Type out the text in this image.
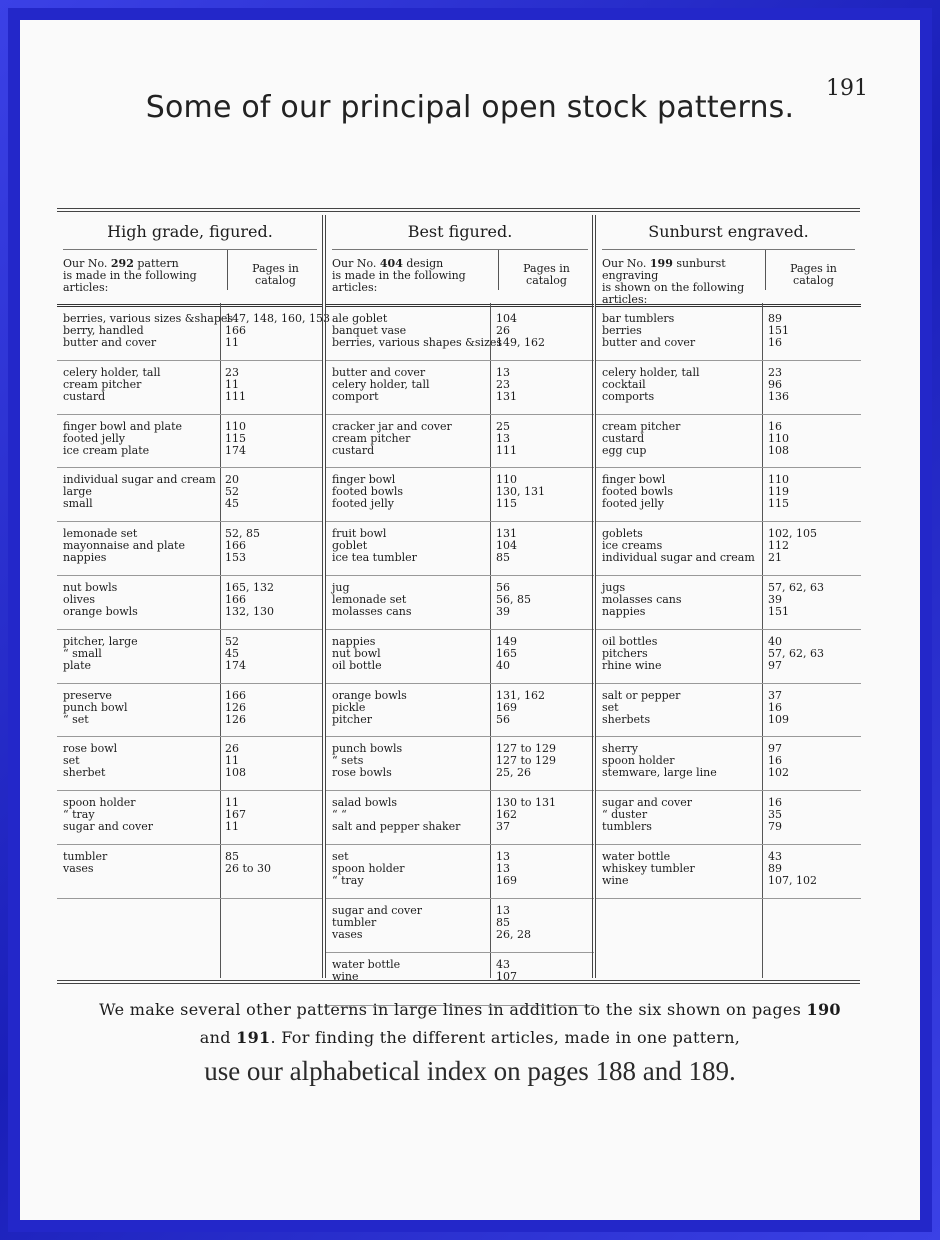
Some of our principal open stock patterns.
191
High grade, figured.
Our No. 292 pattern
is made in the following
articles:
Pages in
catalog
berries, various sizes &shapes
berry, handled
butter and cover
147, 148, 160, 153
166
11
celery holder, tall
cream pitcher
custard
23
11
111
finger bowl and plate
footed jelly
ice cream plate
110
115
174
individual sugar and cream
large
small
20
52
45
lemonade set
mayonnaise and plate
nappies
52, 85
166
153
nut bowls
olives
orange bowls
165, 132
166
132, 130
pitcher, large
“ small
plate
52
45
174
preserve
punch bowl
“ set
166
126
126
rose bowl
set
sherbet
26
11
108
spoon holder
“ tray
sugar and cover
11
167
11
tumbler
vases
85
26 to 30
Best figured.
Our No. 404 design
is made in the following
articles:
Pages in
catalog
ale goblet
banquet vase
berries, various shapes &sizes
104
26
149, 162
butter and cover
celery holder, tall
comport
13
23
131
cracker jar and cover
cream pitcher
custard
25
13
111
finger bowl
footed bowls
footed jelly
110
130, 131
115
fruit bowl
goblet
ice tea tumbler
131
104
85
jug
lemonade set
molasses cans
56
56, 85
39
nappies
nut bowl
oil bottle
149
165
40
orange bowls
pickle
pitcher
131, 162
169
56
punch bowls
“ sets
rose bowls
127 to 129
127 to 129
25, 26
salad bowls
“ “
salt and pepper shaker
130 to 131
162
37
set
spoon holder
“ tray
13
13
169
sugar and cover
tumbler
vases
13
85
26, 28
water bottle
wine
43
107
Sunburst engraved.
Our No. 199 sunburst engraving
is shown on the following
articles:
Pages in
catalog
bar tumblers
berries
butter and cover
89
151
16
celery holder, tall
cocktail
comports
23
96
136
cream pitcher
custard
egg cup
16
110
108
finger bowl
footed bowls
footed jelly
110
119
115
goblets
ice creams
individual sugar and cream
102, 105
112
21
jugs
molasses cans
nappies
57, 62, 63
39
151
oil bottles
pitchers
rhine wine
40
57, 62, 63
97
salt or pepper
set
sherbets
37
16
109
sherry
spoon holder
stemware, large line
97
16
102
sugar and cover
“ duster
tumblers
16
35
79
water bottle
whiskey tumbler
wine
43
89
107, 102
We make several other patterns in large lines in addition to the six shown on pages 190
and 191. For finding the different articles, made in one pattern,
use our alphabetical index on pages 188 and 189.
